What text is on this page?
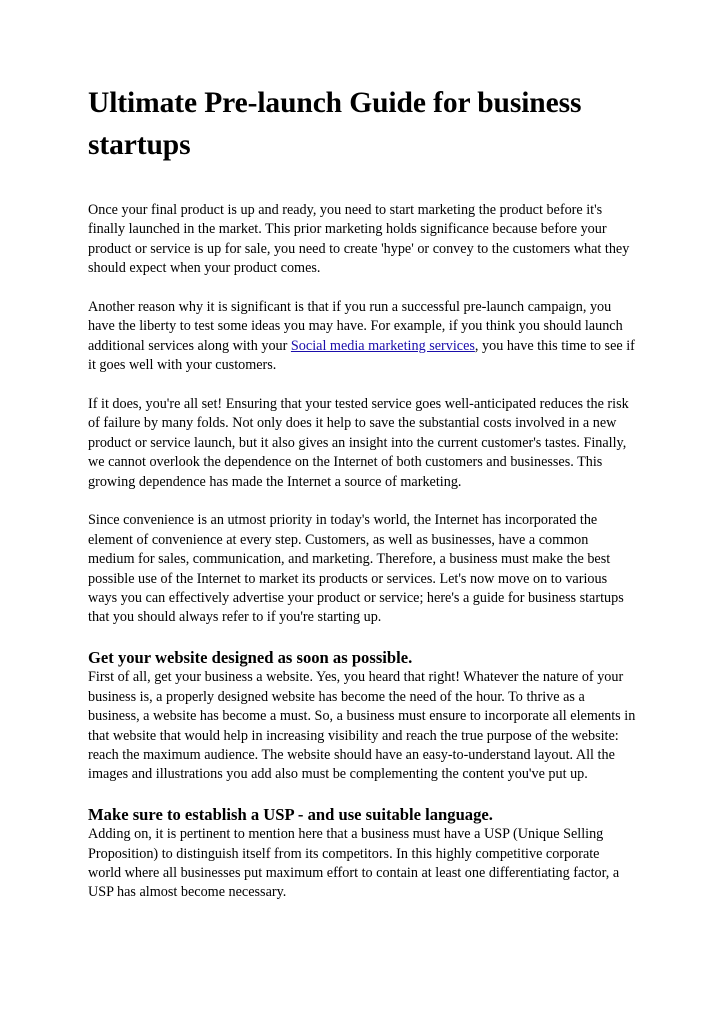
Ultimate Pre-launch Guide for business startups

Once your final product is up and ready, you need to start marketing the product before it's finally launched in the market. This prior marketing holds significance because before your product or service is up for sale, you need to create 'hype' or convey to the customers what they should expect when your product comes.

Another reason why it is significant is that if you run a successful pre-launch campaign, you have the liberty to test some ideas you may have. For example, if you think you should launch additional services along with your Social media marketing services, you have this time to see if it goes well with your customers.

If it does, you're all set! Ensuring that your tested service goes well-anticipated reduces the risk of failure by many folds. Not only does it help to save the substantial costs involved in a new product or service launch, but it also gives an insight into the current customer's tastes. Finally, we cannot overlook the dependence on the Internet of both customers and businesses. This growing dependence has made the Internet a source of marketing.

Since convenience is an utmost priority in today's world, the Internet has incorporated the element of convenience at every step. Customers, as well as businesses, have a common medium for sales, communication, and marketing. Therefore, a business must make the best possible use of the Internet to market its products or services. Let's now move on to various ways you can effectively advertise your product or service; here's a guide for business startups that you should always refer to if you're starting up.

Get your website designed as soon as possible.

First of all, get your business a website. Yes, you heard that right! Whatever the nature of your business is, a properly designed website has become the need of the hour. To thrive as a business, a website has become a must. So, a business must ensure to incorporate all elements in that website that would help in increasing visibility and reach the true purpose of the website: reach the maximum audience. The website should have an easy-to-understand layout. All the images and illustrations you add also must be complementing the content you've put up.

Make sure to establish a USP - and use suitable language.

Adding on, it is pertinent to mention here that a business must have a USP (Unique Selling Proposition) to distinguish itself from its competitors. In this highly competitive corporate world where all businesses put maximum effort to contain at least one differentiating factor, a USP has almost become necessary.
